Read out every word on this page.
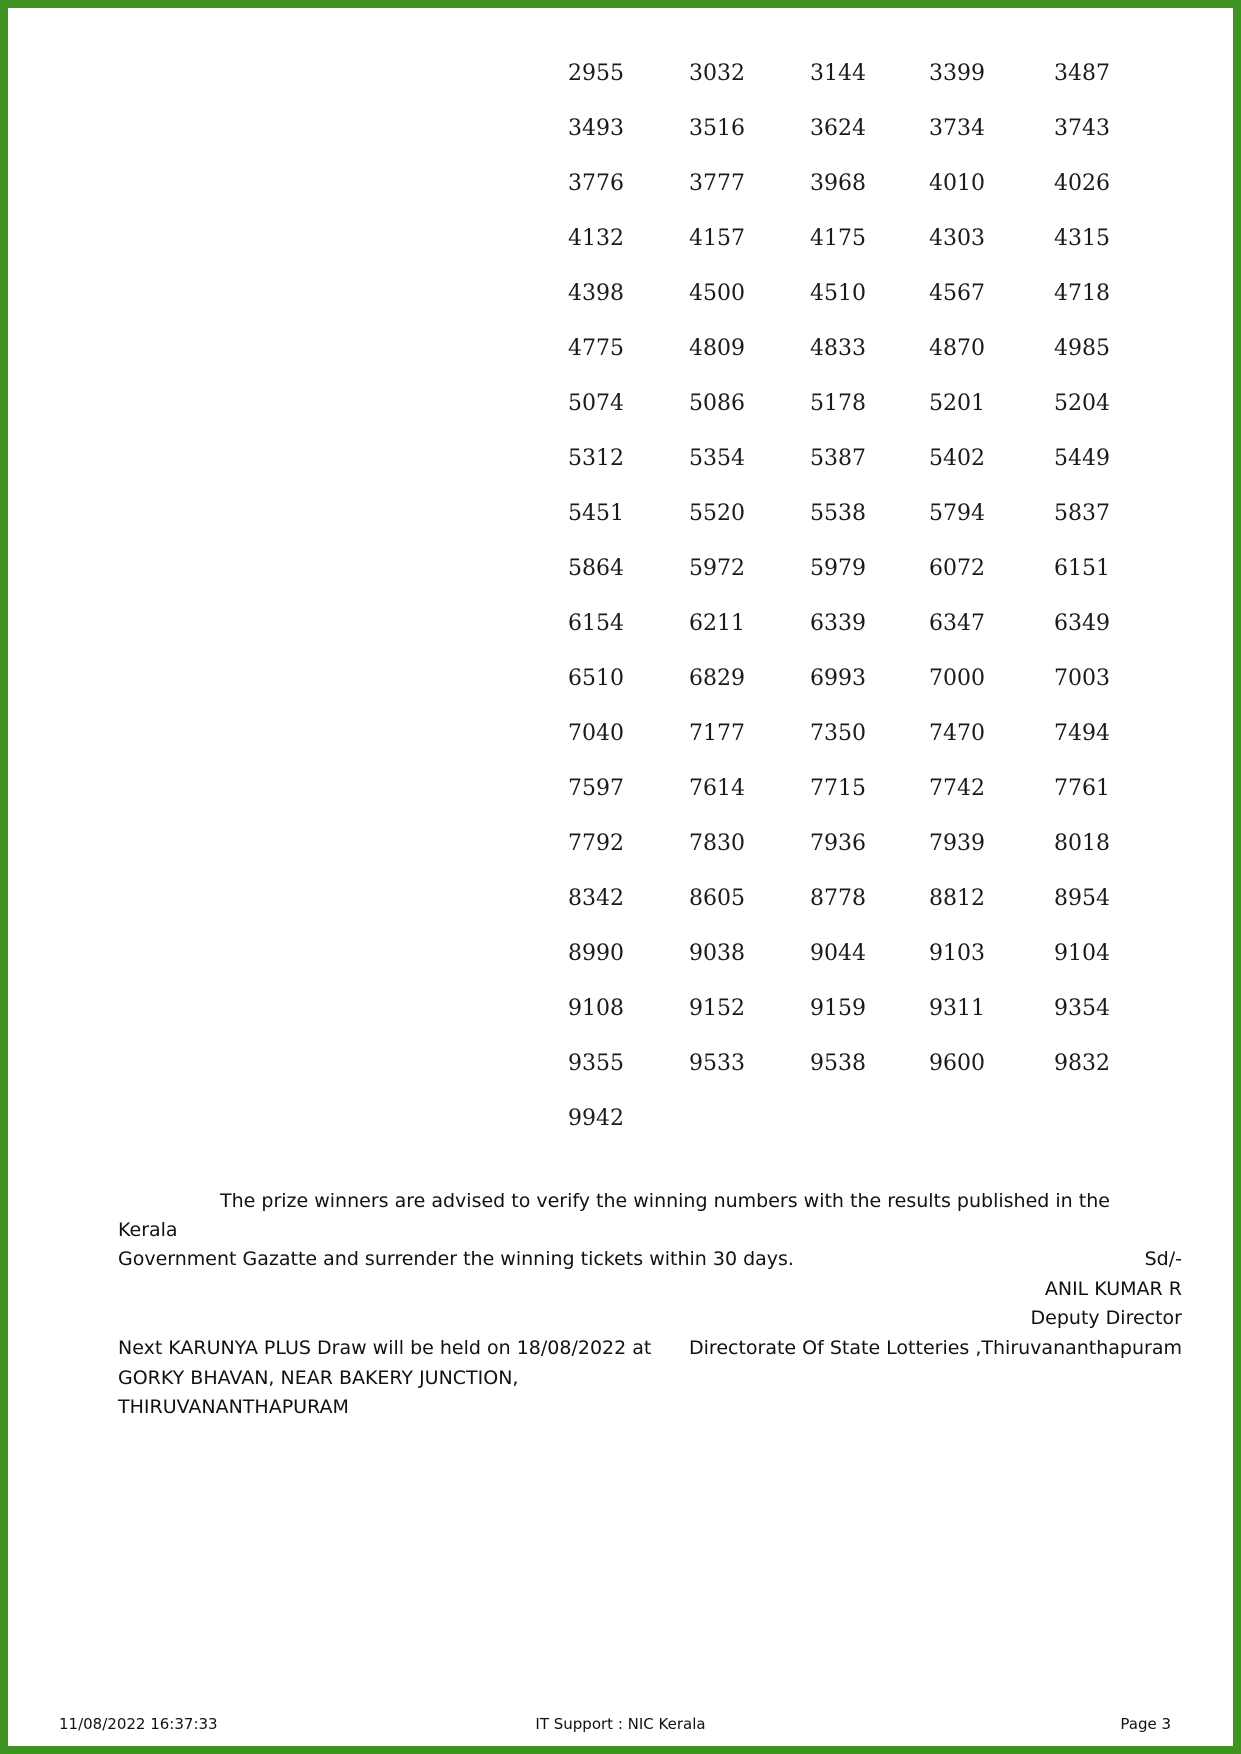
2955	3032	3144	3399	3487
3493	3516	3624	3734	3743
3776	3777	3968	4010	4026
4132	4157	4175	4303	4315
4398	4500	4510	4567	4718
4775	4809	4833	4870	4985
5074	5086	5178	5201	5204
5312	5354	5387	5402	5449
5451	5520	5538	5794	5837
5864	5972	5979	6072	6151
6154	6211	6339	6347	6349
6510	6829	6993	7000	7003
7040	7177	7350	7470	7494
7597	7614	7715	7742	7761
7792	7830	7936	7939	8018
8342	8605	8778	8812	8954
8990	9038	9044	9103	9104
9108	9152	9159	9311	9354
9355	9533	9538	9600	9832
9942
The prize winners are advised to verify the winning numbers with the results published in the Kerala
Government Gazatte and surrender the winning tickets within 30 days.	Sd/-
ANIL KUMAR R
Deputy Director
Directorate Of State Lotteries ,Thiruvananthapuram
Next KARUNYA PLUS Draw will be held on 18/08/2022 at
GORKY BHAVAN, NEAR BAKERY JUNCTION,
THIRUVANANTHAPURAM
11/08/2022 16:37:33	IT Support : NIC Kerala	Page 3
